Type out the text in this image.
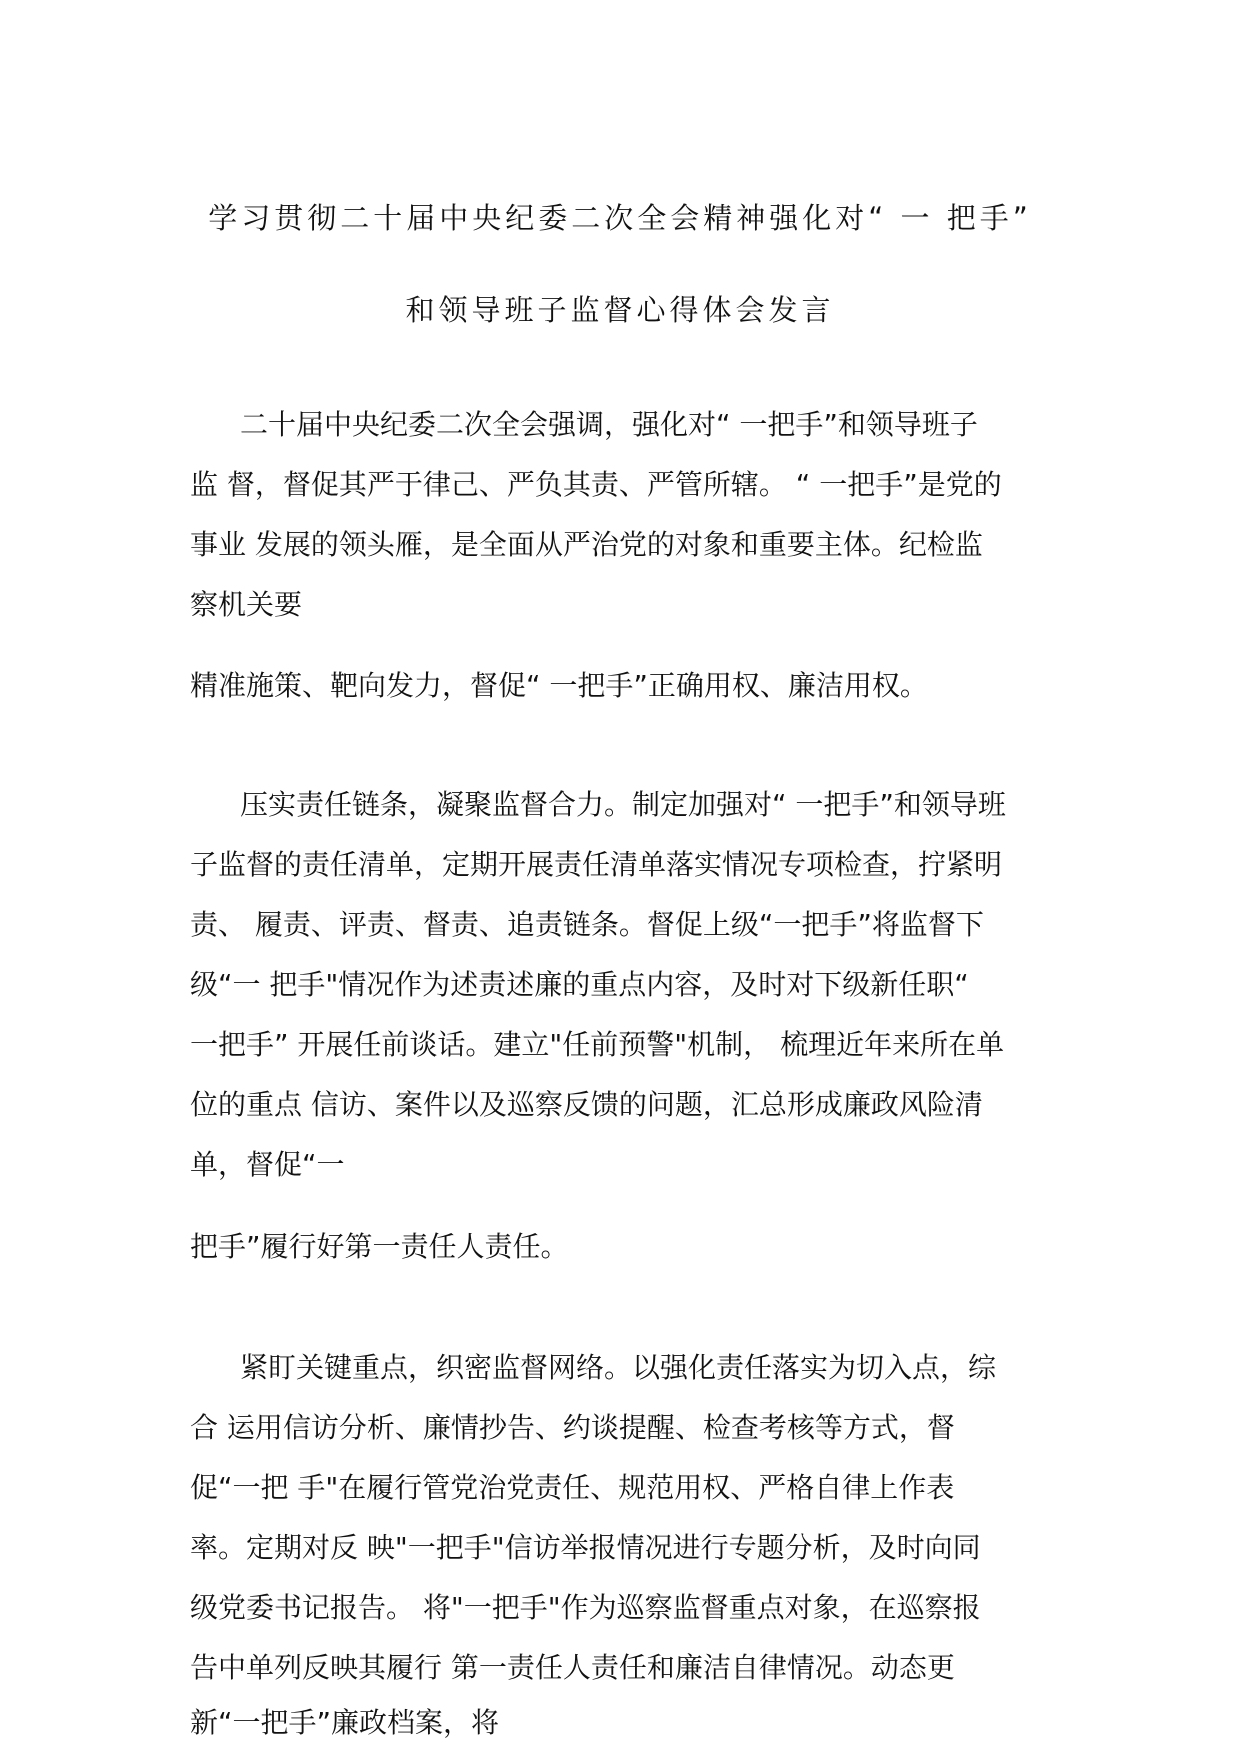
学习贯彻二十届中央纪委二次全会精神强化对“ 一 把手”
和领导班子监督心得体会发言
二十届中央纪委二次全会强调，强化对“ 一把手”和领导班子
监 督，督促其严于律己、严负其责、严管所辖。 “ 一把手”是党的
事业 发展的领头雁，是全面从严治党的对象和重要主体。纪检监
察机关要
精准施策、靶向发力，督促“ 一把手”正确用权、廉洁用权。
压实责任链条，凝聚监督合力。制定加强对“ 一把手”和领导班
子监督的责任清单，定期开展责任清单落实情况专项检查，拧紧明
责、 履责、评责、督责、追责链条。督促上级“一把手”将监督下
级“一 把手"情况作为述责述廉的重点内容，及时对下级新任职“
一把手” 开展任前谈话。建立"任前预警"机制， 梳理近年来所在单
位的重点 信访、案件以及巡察反馈的问题，汇总形成廉政风险清
单，督促“一
把手”履行好第一责任人责任。
紧盯关键重点，织密监督网络。以强化责任落实为切入点，综
合 运用信访分析、廉情抄告、约谈提醒、检查考核等方式，督
促“一把 手"在履行管党治党责任、规范用权、严格自律上作表
率。定期对反 映"一把手"信访举报情况进行专题分析，及时向同
级党委书记报告。 将"一把手"作为巡察监督重点对象，在巡察报
告中单列反映其履行 第一责任人责任和廉洁自律情况。动态更
新“一把手”廉政档案，将
